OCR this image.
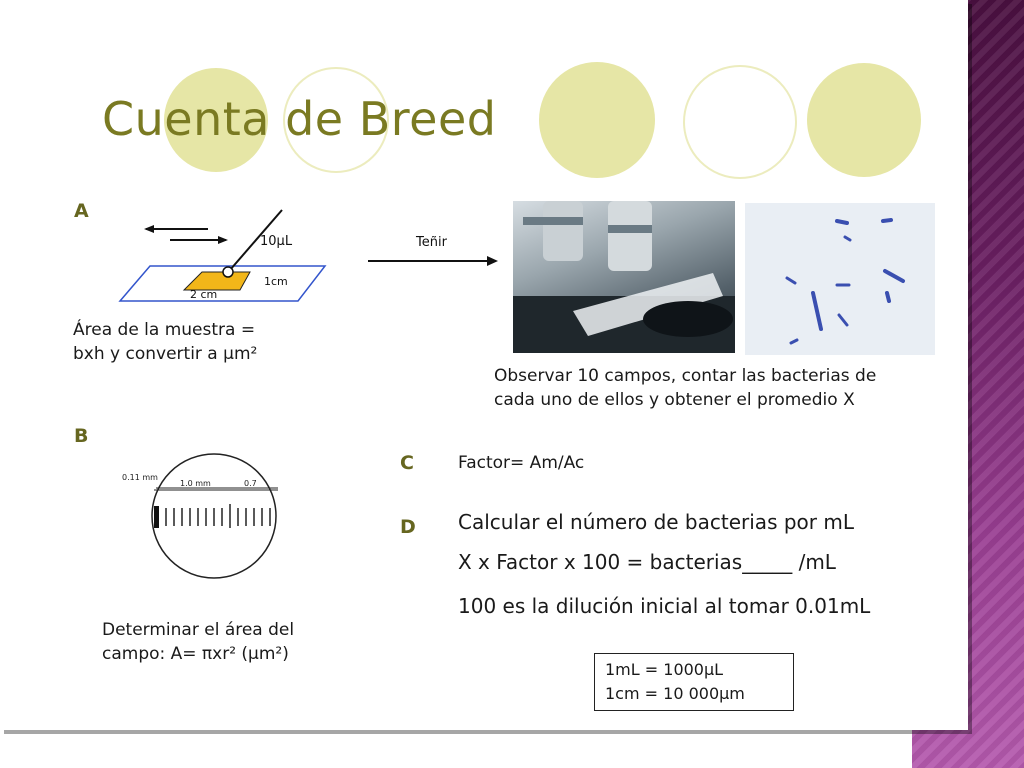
Cuenta de Breed
A
10μL
1cm
2 cm
Área de la muestra =
bxh y convertir a μm²
Teñir
Observar 10 campos, contar las bacterias de
cada uno de ellos y obtener el promedio X
B
0.11 mm
1.0 mm	0.7
Determinar el área del
campo: A= πxr² (μm²)
C	Factor= Am/Ac
D Calcular el número de bacterias por mL
X x Factor x 100 = bacterias_____ /mL
100 es la dilución inicial al tomar 0.01mL
1mL = 1000μL
1cm = 10 000μm
